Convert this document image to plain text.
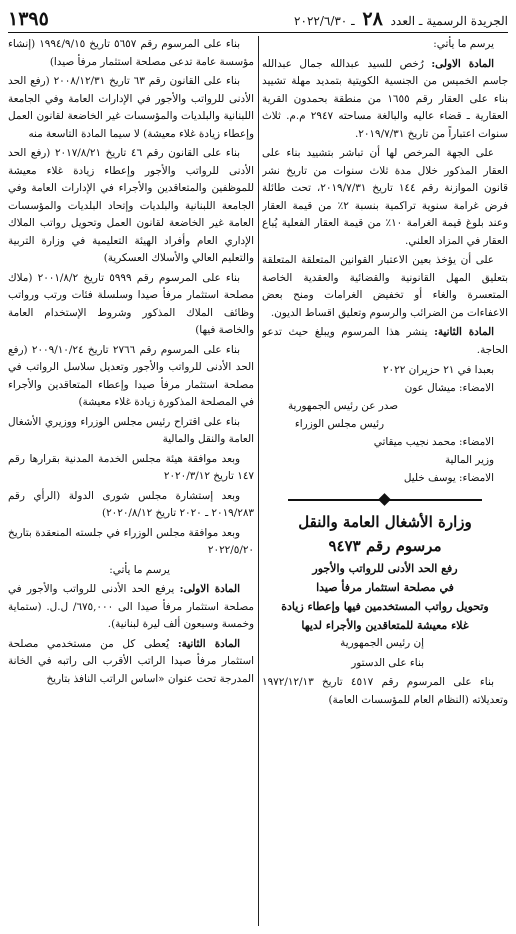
الجريدة الرسمية ـ العدد ٢٨ ـ ٢٠٢٢/٦/٣٠
١٣٩٥

يرسم ما يأتي:

المادة الاولى: رُخص للسيد عبدالله جمال عبدالله جاسم الخميس من الجنسية الكويتية بتمديد مهلة تشييد بناء على العقار رقم ١٦٥٥ من منطقة بحمدون القرية العقارية ـ قضاء عاليه والبالغة مساحته ٢٩٤٧ م.م. ثلاث سنوات اعتباراً من تاريخ ٢٠١٩/٧/٣١.

على الجهة المرخص لها أن تباشر بتشييد بناء على العقار المذكور خلال مدة ثلاث سنوات من تاريخ نشر قانون الموازنة رقم ١٤٤ تاريخ ٢٠١٩/٧/٣١، تحت طائلة فرض غرامة سنوية تراكمية بنسبة ٢٪ من قيمة العقار وعند بلوغ قيمة الغرامة ١٠٪ من قيمة العقار الفعلية يُباع العقار في المزاد العلني.

على أن يؤخذ بعين الاعتبار القوانين المتعلقة المتعلقة بتعليق المهل القانونية والقضائية والعقدية الخاصة المتعسرة والغاء أو تخفيض الغرامات ومنح بعض الاعفاءات من الضرائب والرسوم وتعليق اقساط الديون.

المادة الثانية: ينشر هذا المرسوم ويبلغ حيث تدعو الحاجة.

بعبدا في ٢١ حزيران ٢٠٢٢
الامضاء: ميشال عون
صدر عن رئيس الجمهورية
رئيس مجلس الوزراء
الامضاء: محمد نجيب ميقاتي
وزير المالية
الامضاء: يوسف خليل
وزارة الأشغال العامة والنقل
مرسوم رقم ٩٤٧٣
رفع الحد الأدنى للرواتب والأجور
في مصلحة استثمار مرفأ صيدا
وتحويل رواتب المستخدمين فيها وإعطاء زيادة
غلاء معيشة للمتعاقدين والأجراء لديها

إن رئيس الجمهورية

بناء على الدستور

بناء على المرسوم رقم ٤٥١٧ تاريخ ١٩٧٢/١٢/١٣ وتعديلاته (النظام العام للمؤسسات العامة)

بناء على المرسوم رقم ٥٦٥٧ تاريخ ١٩٩٤/٩/١٥ (إنشاء مؤسسة عامة تدعى مصلحة استثمار مرفأ صيدا)

بناء على القانون رقم ٦٣ تاريخ ٢٠٠٨/١٢/٣١ (رفع الحد الأدنى للرواتب والأجور في الإدارات العامة وفي الجامعة اللبنانية والبلديات والمؤسسات غير الخاضعة لقانون العمل وإعطاء زيادة غلاء معيشة) لا سيما المادة التاسعة منه

بناء على القانون رقم ٤٦ تاريخ ٢٠١٧/٨/٢١ (رفع الحد الأدنى للرواتب والأجور وإعطاء زيادة غلاء معيشة للموظفين والمتعاقدين والأجراء في الإدارات العامة وفي الجامعة اللبنانية والبلديات وإتحاد البلديات والمؤسسات العامة غير الخاضعة لقانون العمل وتحويل رواتب الملاك الإداري العام وأفراد الهيئة التعليمية في وزارة التربية والتعليم العالي والأسلاك العسكرية)

بناء على المرسوم رقم ٥٩٩٩ تاريخ ٢٠٠١/٨/٢ (ملاك مصلحة استثمار مرفأ صيدا وسلسلة فئات ورتب ورواتب وظائف الملاك المذكور وشروط الإستخدام العامة والخاصة فيها)

بناء على المرسوم رقم ٢٧٦٦ تاريخ ٢٠٠٩/١٠/٢٤ (رفع الحد الأدنى للرواتب والأجور وتعديل سلاسل الرواتب في مصلحة استثمار مرفأ صيدا وإعطاء المتعاقدين والأجراء في المصلحة المذكورة زيادة غلاء معيشة)

بناء على اقتراح رئيس مجلس الوزراء ووزيري الأشغال العامة والنقل والمالية

وبعد موافقة هيئة مجلس الخدمة المدنية بقرارها رقم ١٤٧ تاريخ ٢٠٢٠/٣/١٢

وبعد إستشارة مجلس شورى الدولة (الرأي رقم ٢٠١٩/٢٨٣ ـ ٢٠٢٠ تاريخ ٢٠٢٠/٨/١٢)

وبعد موافقة مجلس الوزراء في جلسته المنعقدة بتاريخ ٢٠٢٢/٥/٢٠

يرسم ما يأتي:

المادة الاولى: يرفع الحد الأدنى للرواتب والأجور في مصلحة استثمار مرفأ صيدا الى ٦٧٥,٠٠٠/ ل.ل. (ستماية وخمسة وسبعون ألف ليرة لبنانية).

المادة الثانية: يُعطى كل من مستخدمي مصلحة استثمار مرفأ صيدا الراتب الأقرب الى راتبه في الخانة المدرجة تحت عنوان «اساس الراتب النافذ بتاريخ
